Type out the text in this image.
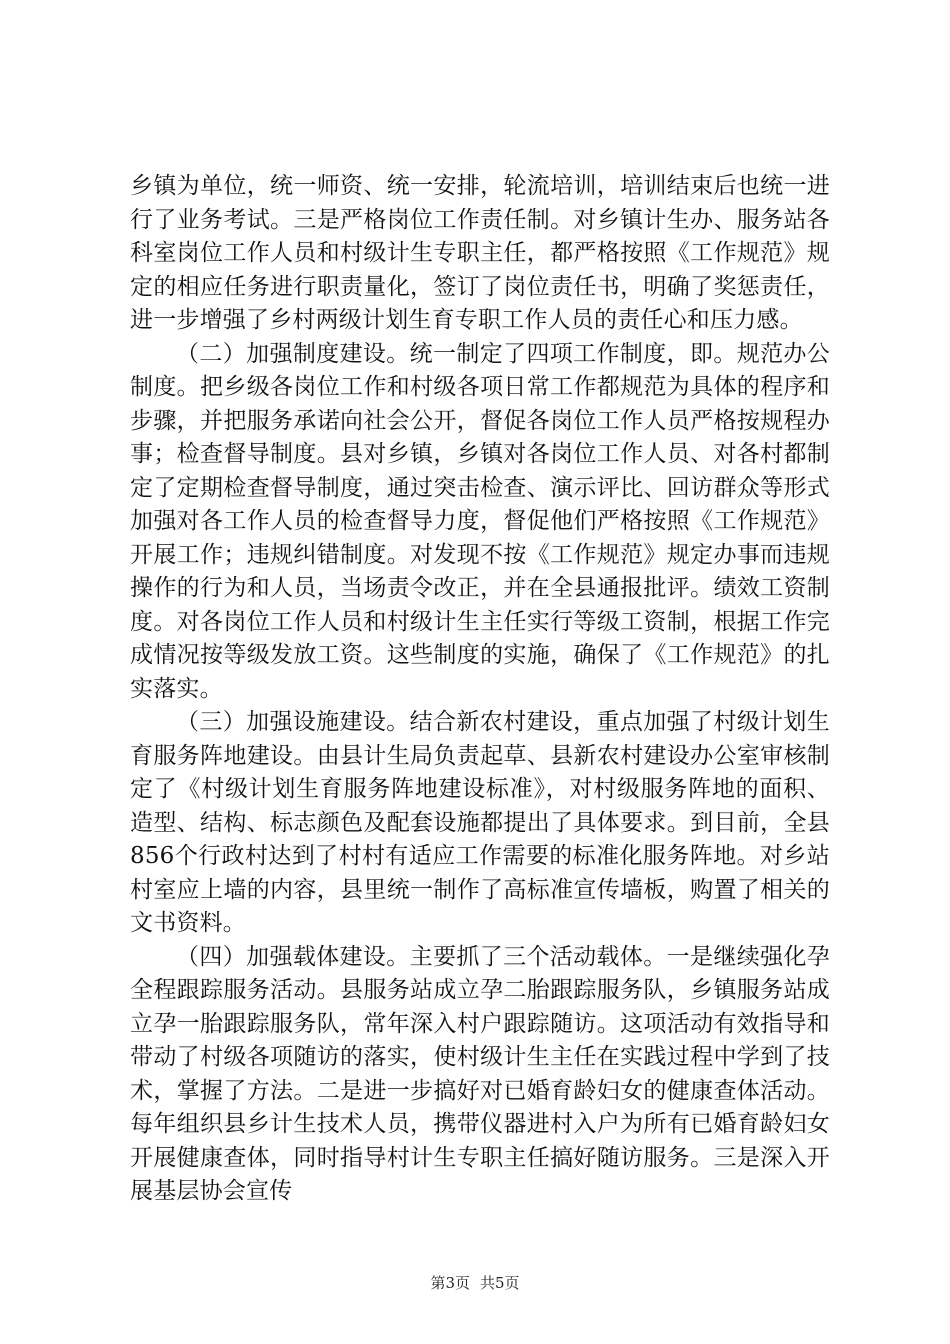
乡镇为单位，统一师资、统一安排，轮流培训，培训结束后也统一进行了业务考试。三是严格岗位工作责任制。对乡镇计生办、服务站各科室岗位工作人员和村级计生专职主任，都严格按照《工作规范》规定的相应任务进行职责量化，签订了岗位责任书，明确了奖惩责任，进一步增强了乡村两级计划生育专职工作人员的责任心和压力感。

（二）加强制度建设。统一制定了四项工作制度，即。规范办公制度。把乡级各岗位工作和村级各项日常工作都规范为具体的程序和步骤，并把服务承诺向社会公开，督促各岗位工作人员严格按规程办事；检查督导制度。县对乡镇，乡镇对各岗位工作人员、对各村都制定了定期检查督导制度，通过突击检查、演示评比、回访群众等形式加强对各工作人员的检查督导力度，督促他们严格按照《工作规范》开展工作；违规纠错制度。对发现不按《工作规范》规定办事而违规操作的行为和人员，当场责令改正，并在全县通报批评。绩效工资制度。对各岗位工作人员和村级计生主任实行等级工资制，根据工作完成情况按等级发放工资。这些制度的实施，确保了《工作规范》的扎实落实。

（三）加强设施建设。结合新农村建设，重点加强了村级计划生育服务阵地建设。由县计生局负责起草、县新农村建设办公室审核制定了《村级计划生育服务阵地建设标准》，对村级服务阵地的面积、造型、结构、标志颜色及配套设施都提出了具体要求。到目前，全县856个行政村达到了村村有适应工作需要的标准化服务阵地。对乡站村室应上墙的内容，县里统一制作了高标准宣传墙板，购置了相关的文书资料。

（四）加强载体建设。主要抓了三个活动载体。一是继续强化孕全程跟踪服务活动。县服务站成立孕二胎跟踪服务队，乡镇服务站成立孕一胎跟踪服务队，常年深入村户跟踪随访。这项活动有效指导和带动了村级各项随访的落实，使村级计生主任在实践过程中学到了技术，掌握了方法。二是进一步搞好对已婚育龄妇女的健康查体活动。每年组织县乡计生技术人员，携带仪器进村入户为所有已婚育龄妇女开展健康查体，同时指导村计生专职主任搞好随访服务。三是深入开展基层协会宣传

第3页 共5页
